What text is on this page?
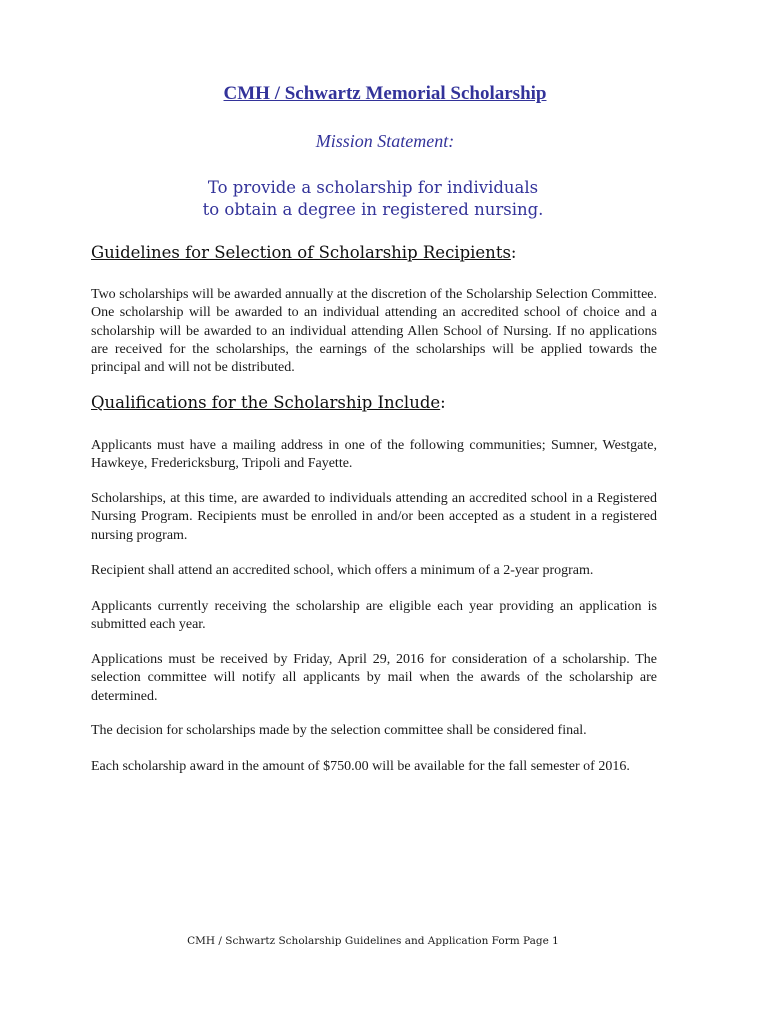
CMH / Schwartz Memorial Scholarship
Mission Statement:
To provide a scholarship for individuals
to obtain a degree in registered nursing.
Guidelines for Selection of Scholarship Recipients:
Two scholarships will be awarded annually at the discretion of the Scholarship Selection Committee. One scholarship will be awarded to an individual attending an accredited school of choice and a scholarship will be awarded to an individual attending Allen School of Nursing. If no applications are received for the scholarships, the earnings of the scholarships will be applied towards the principal and will not be distributed.
Qualifications for the Scholarship Include:
Applicants must have a mailing address in one of the following communities; Sumner, Westgate, Hawkeye, Fredericksburg, Tripoli and Fayette.
Scholarships, at this time, are awarded to individuals attending an accredited school in a Registered Nursing Program. Recipients must be enrolled in and/or been accepted as a student in a registered nursing program.
Recipient shall attend an accredited school, which offers a minimum of a 2-year program.
Applicants currently receiving the scholarship are eligible each year providing an application is submitted each year.
Applications must be received by Friday, April 29, 2016 for consideration of a scholarship. The selection committee will notify all applicants by mail when the awards of the scholarship are determined.
The decision for scholarships made by the selection committee shall be considered final.
Each scholarship award in the amount of $750.00 will be available for the fall semester of 2016.
CMH / Schwartz Scholarship Guidelines and Application Form Page 1
